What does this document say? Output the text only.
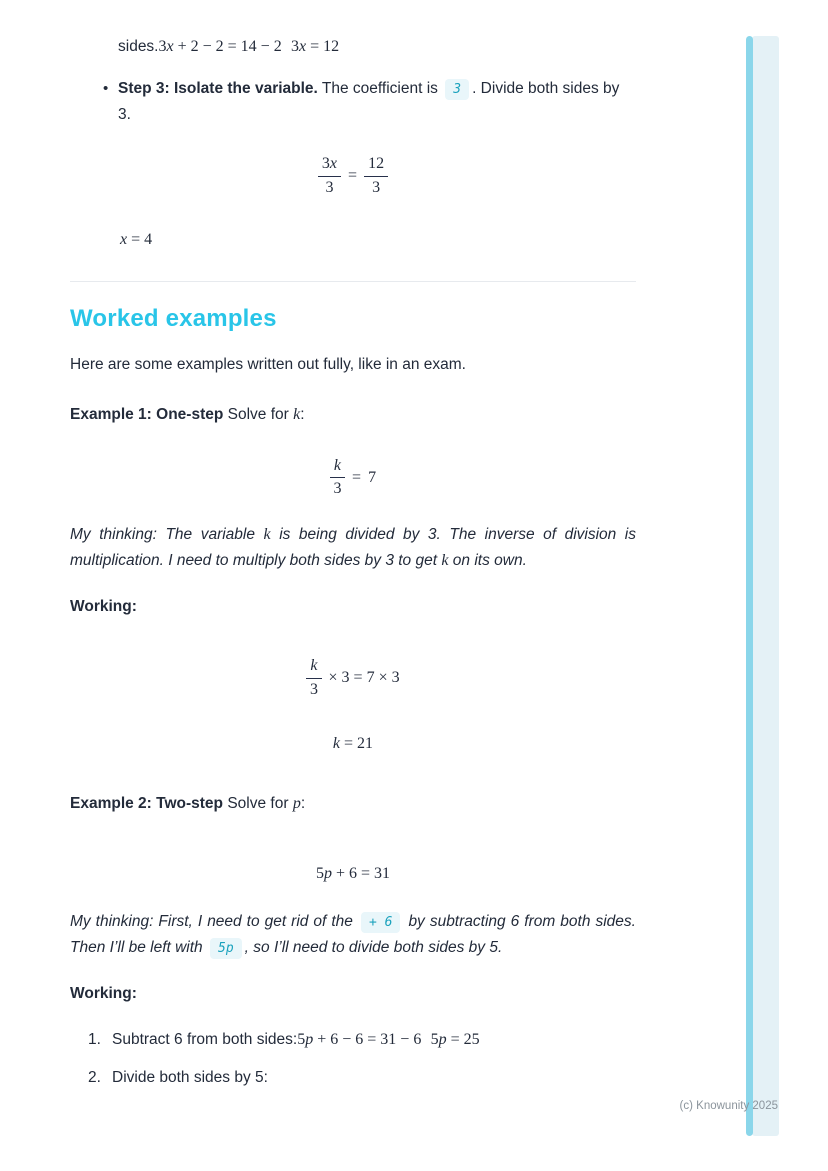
sides.3x + 2 − 2 = 14 − 2 3x = 12

• Step 3: Isolate the variable. The coefficient is 3 . Divide both sides by 3.
$\frac{3x}{3} = \frac{12}{3}$

x = 4

Worked examples

Here are some examples written out fully, like in an exam.

Example 1: One-step Solve for k:

$\frac{k}{3} = 7$

My thinking: The variable k is being divided by 3. The inverse of division is multiplication. I need to multiply both sides by 3 to get k on its own.

Working:

$\frac{k}{3} \times 3 = 7 \times 3$
k = 21

Example 2: Two-step Solve for p:

5p + 6 = 31

My thinking: First, I need to get rid of the + 6 by subtracting 6 from both sides. Then I’ll be left with 5p , so I’ll need to divide both sides by 5.

Working:

1. Subtract 6 from both sides:5p + 6 − 6 = 31 − 6 5p = 25
2. Divide both sides by 5:
(c) Knowunity 2025
